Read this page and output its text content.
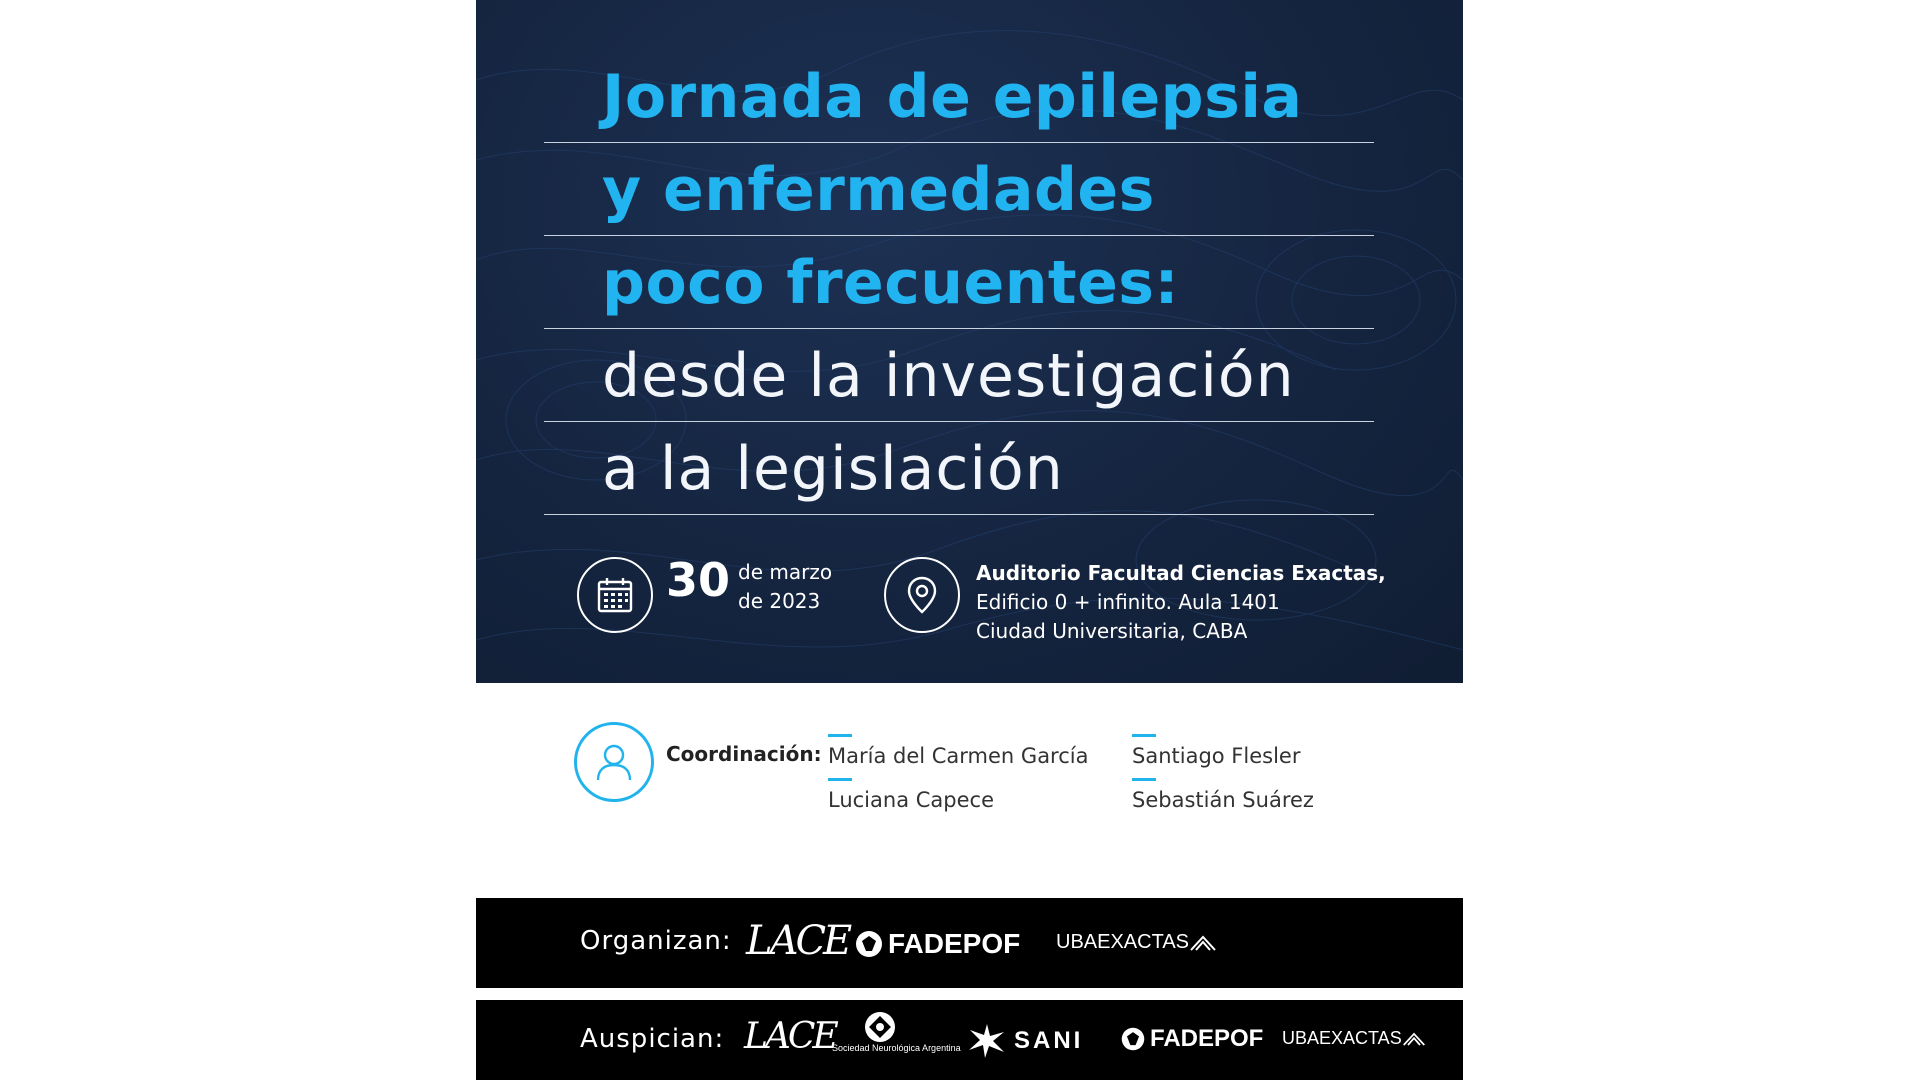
Jornada de epilepsia
y enfermedades
poco frecuentes:
desde la investigación
a la legislación
30 de marzo
de 2023
Auditorio Facultad Ciencias Exactas,
Edificio 0 + infinito. Aula 1401
Ciudad Universitaria, CABA
Coordinación: María del Carmen García Santiago Flesler
Luciana Capece	Sebastián Suárez
Organizan: LACE FADEPOF UBAEXACTAS
Auspician: LACE
Sociedad Neurológica Argentina SANI	FADEPOF UBAEXACTAS
